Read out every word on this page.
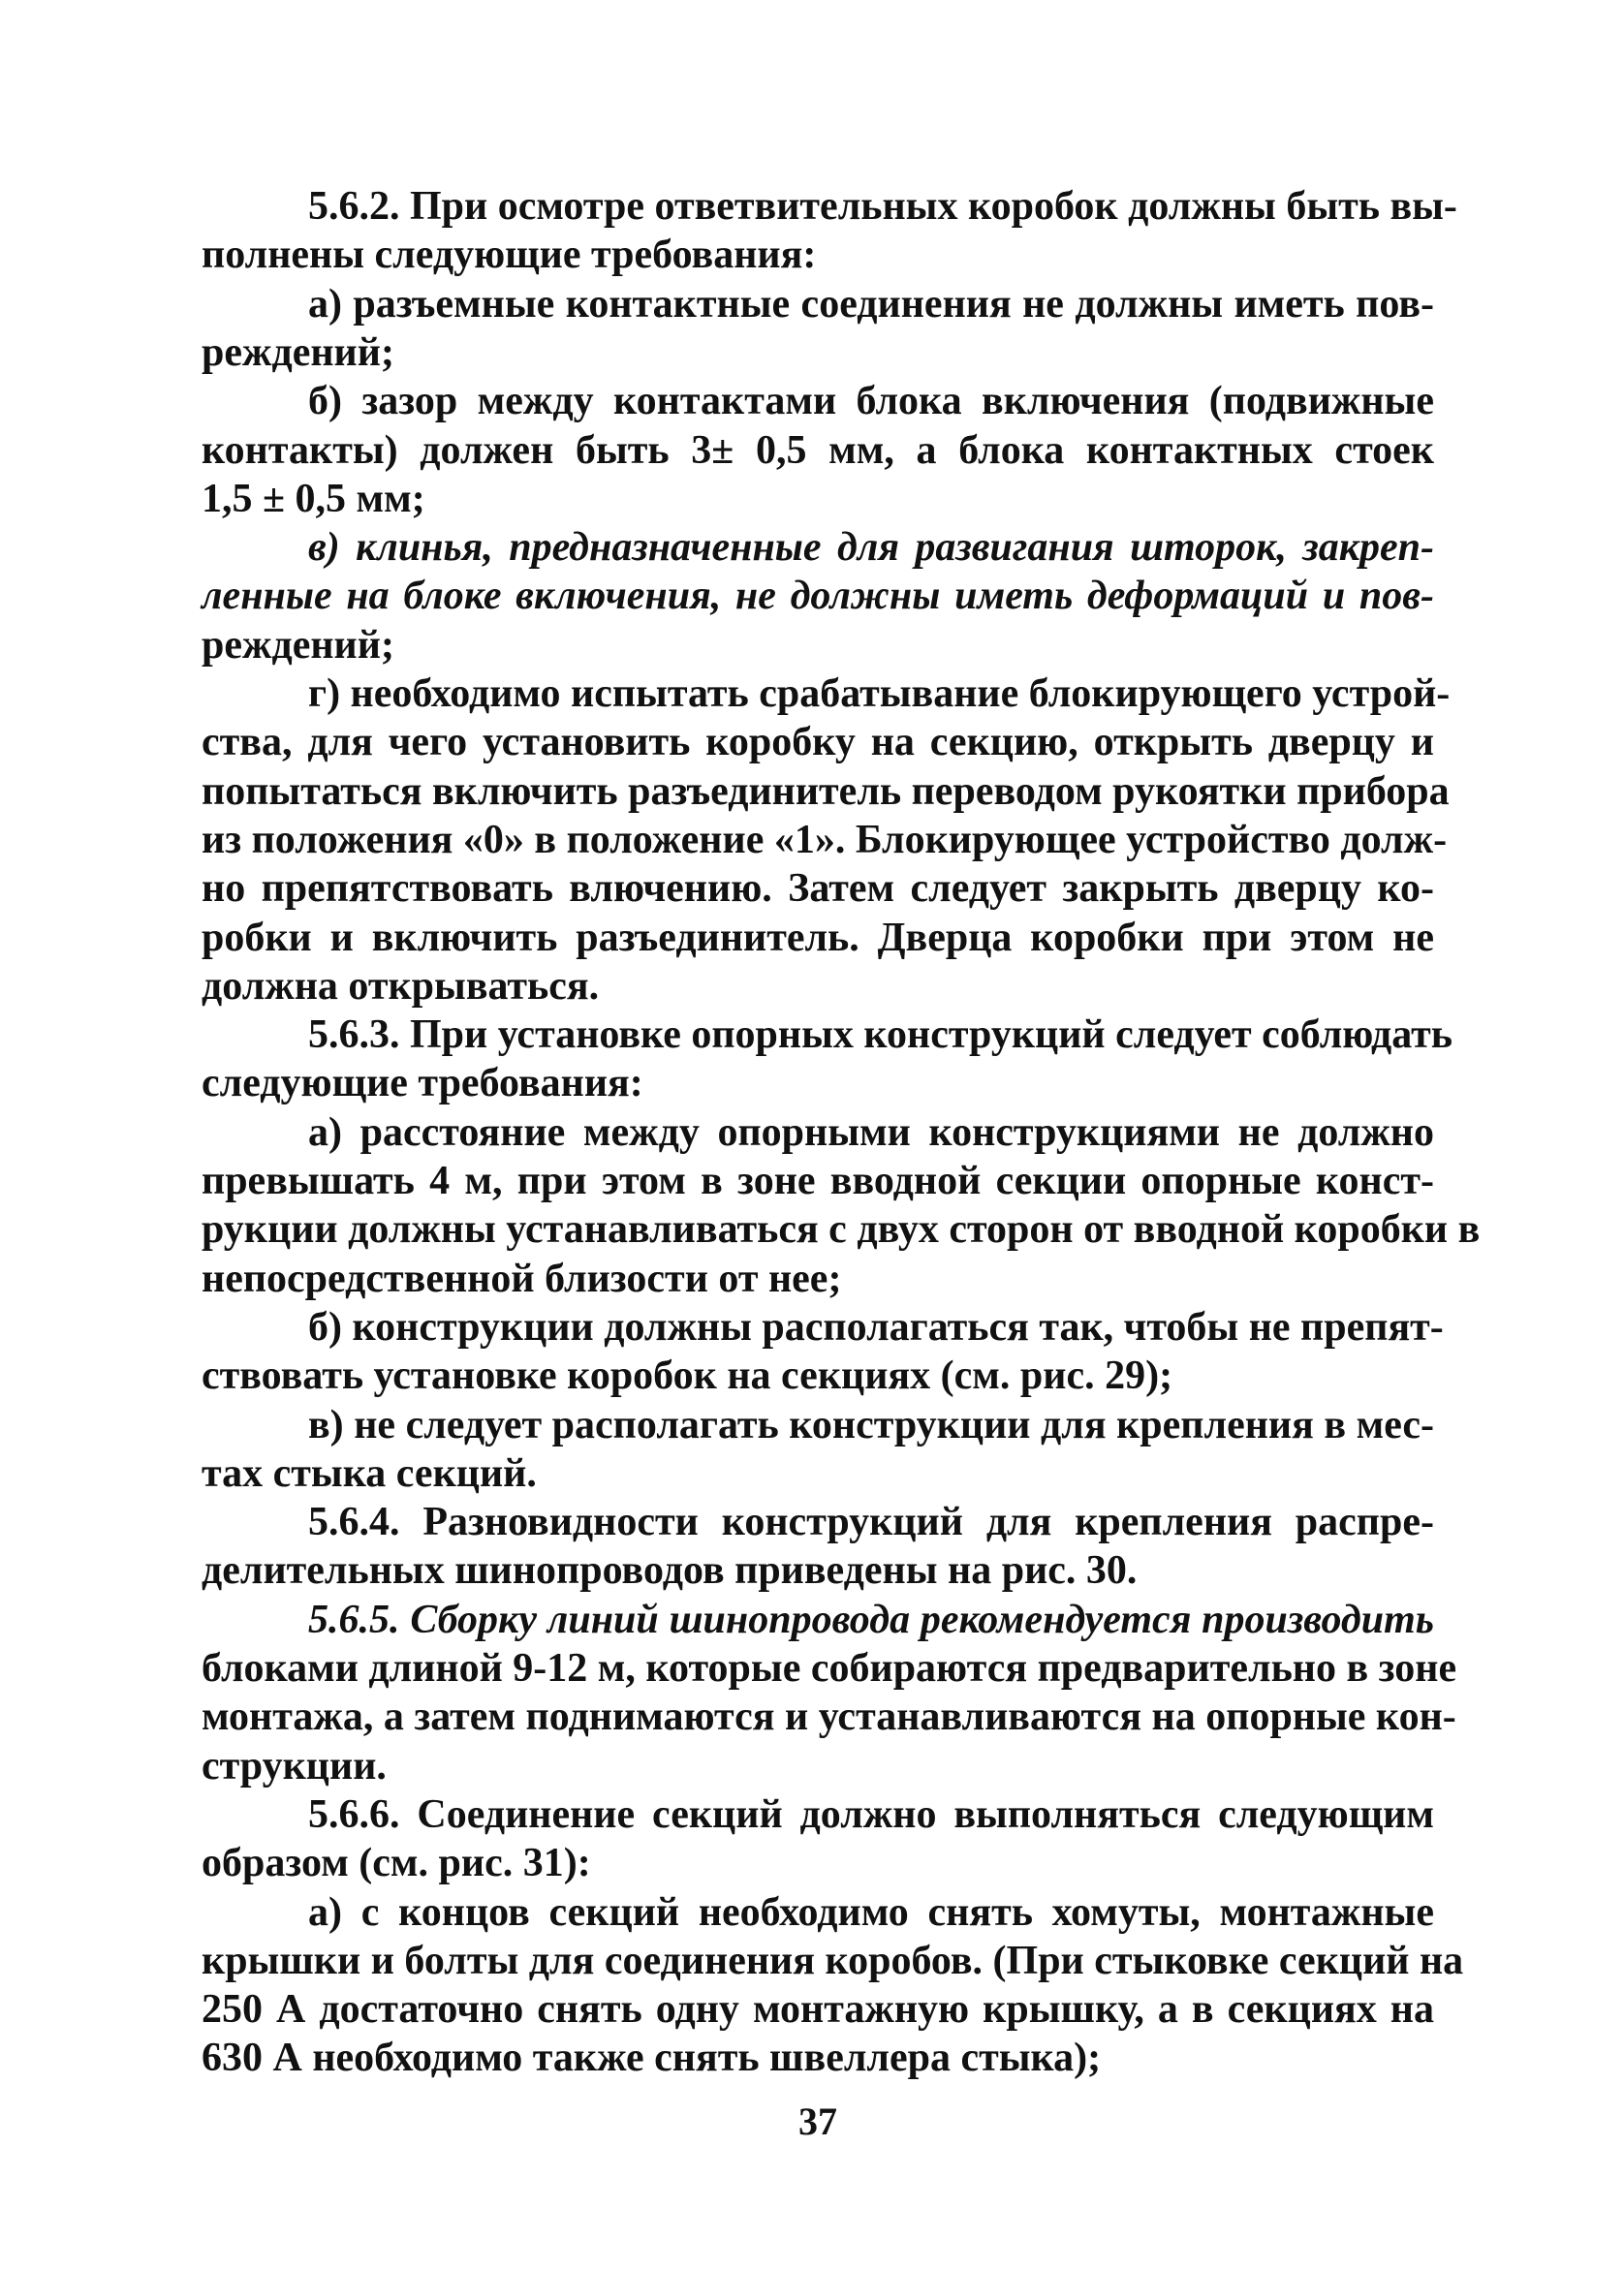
5.6.2. При осмотре ответвительных коробок должны быть вы-
полнены следующие требования:
а) разъемные контактные соединения не должны иметь пов-
реждений;
б) зазор между контактами блока включения (подвижные
контакты) должен быть 3± 0,5 мм, а блока контактных стоек
1,5 ± 0,5 мм;
в) клинья, предназначенные для развигания шторок, закреп-
ленные на блоке включения, не должны иметь деформаций и пов-
реждений;
г) необходимо испытать срабатывание блокирующего устрой-
ства, для чего установить коробку на секцию, открыть дверцу и
попытаться включить разъединитель переводом рукоятки прибора
из положения «0» в положение «1». Блокирующее устройство долж-
но препятствовать влючению. Затем следует закрыть дверцу ко-
робки и включить разъединитель. Дверца коробки при этом не
должна открываться.
5.6.3. При установке опорных конструкций следует соблюдать
следующие требования:
а) расстояние между опорными конструкциями не должно
превышать 4 м, при этом в зоне вводной секции опорные конст-
рукции должны устанавливаться с двух сторон от вводной коробки в
непосредственной близости от нее;
б) конструкции должны располагаться так, чтобы не препят-
ствовать установке коробок на секциях (см. рис. 29);
в) не следует располагать конструкции для крепления в мес-
тах стыка секций.
5.6.4. Разновидности конструкций для крепления распре-
делительных шинопроводов приведены на рис. 30.
5.6.5. Сборку линий шинопровода рекомендуется производить
блоками длиной 9-12 м, которые собираются предварительно в зоне
монтажа, а затем поднимаются и устанавливаются на опорные кон-
струкции.
5.6.6. Соединение секций должно выполняться следующим
образом (см. рис. 31):
а) с концов секций необходимо снять хомуты, монтажные
крышки и болты для соединения коробов. (При стыковке секций на
250 А достаточно снять одну монтажную крышку, а в секциях на
630 А необходимо также снять швеллера стыка);
37
